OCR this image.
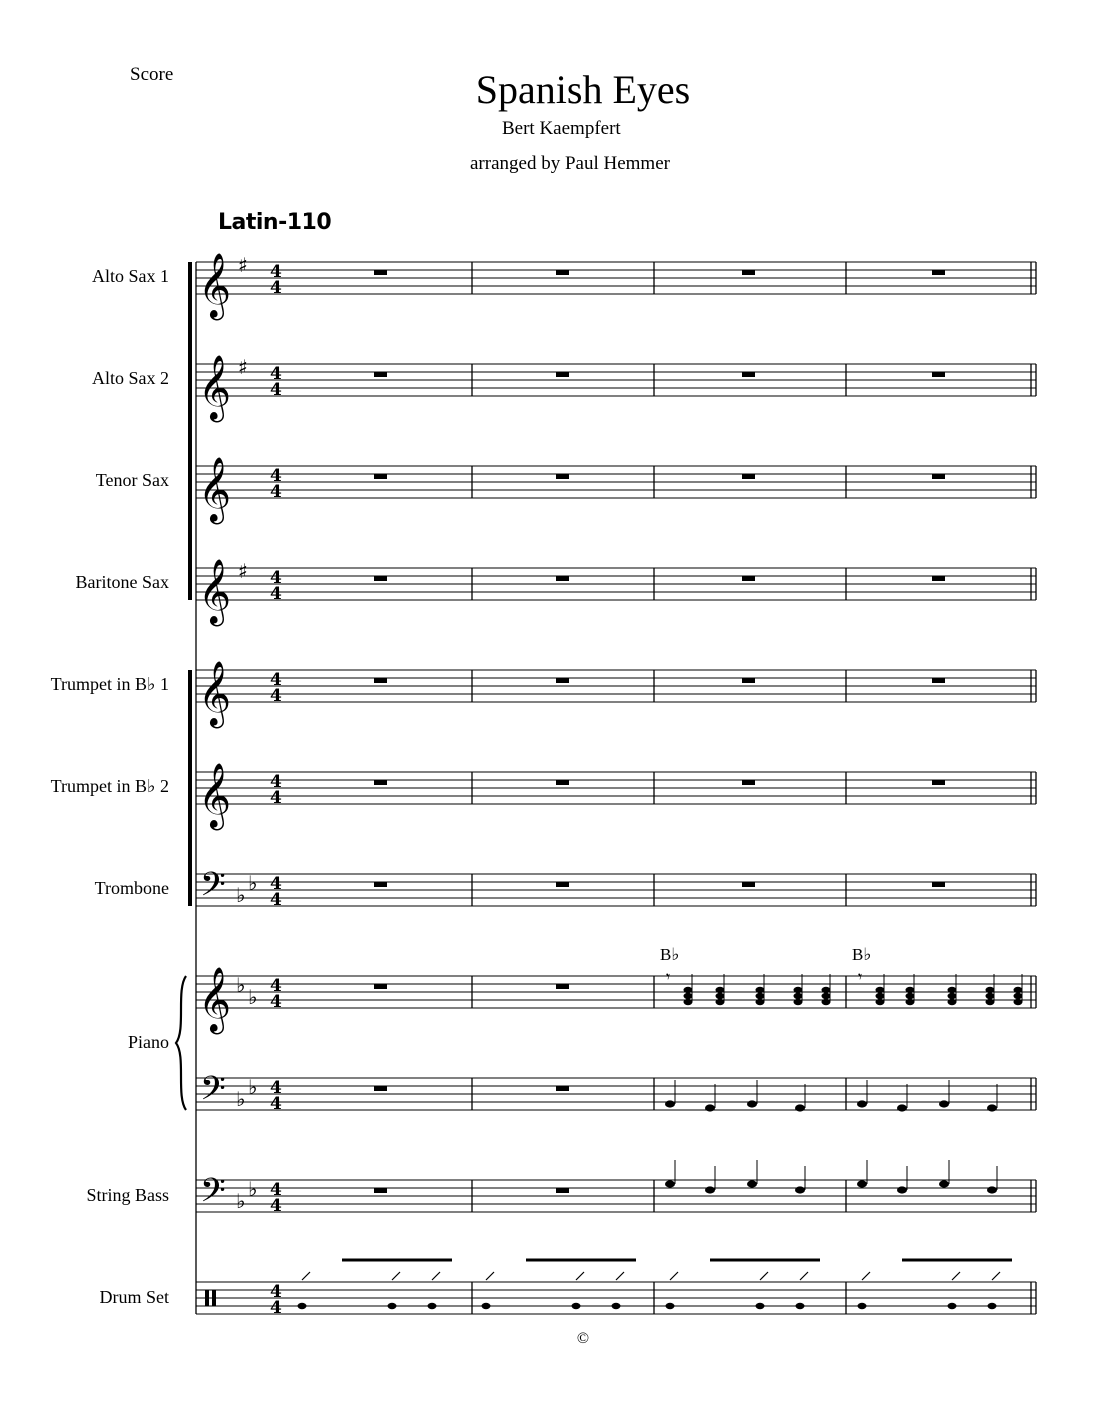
Score	Spanish Eyes
Bert Kaempfert
arranged by Paul Hemmer
Latin-110
Alto Sax 1
Alto Sax 2
Tenor Sax
Baritone Sax
Trumpet in B♭ 1
Trumpet in B♭ 2
Trombone
Piano
String Bass
Drum Set
B♭	B♭
𝄞 ♯ 4
4
𝄞 ♯ 4
4
𝄞 4
4
𝄞 ♯ 4
4
𝄞 4
4
𝄞 4
4
𝄢 ♭ ♭ 4
4
𝄞 ♭ ♭ 4
4
𝄢 ♭ ♭ 4
4
𝄢 ♭ ♭ 4
4
4
4
𝄾	𝄾
©
